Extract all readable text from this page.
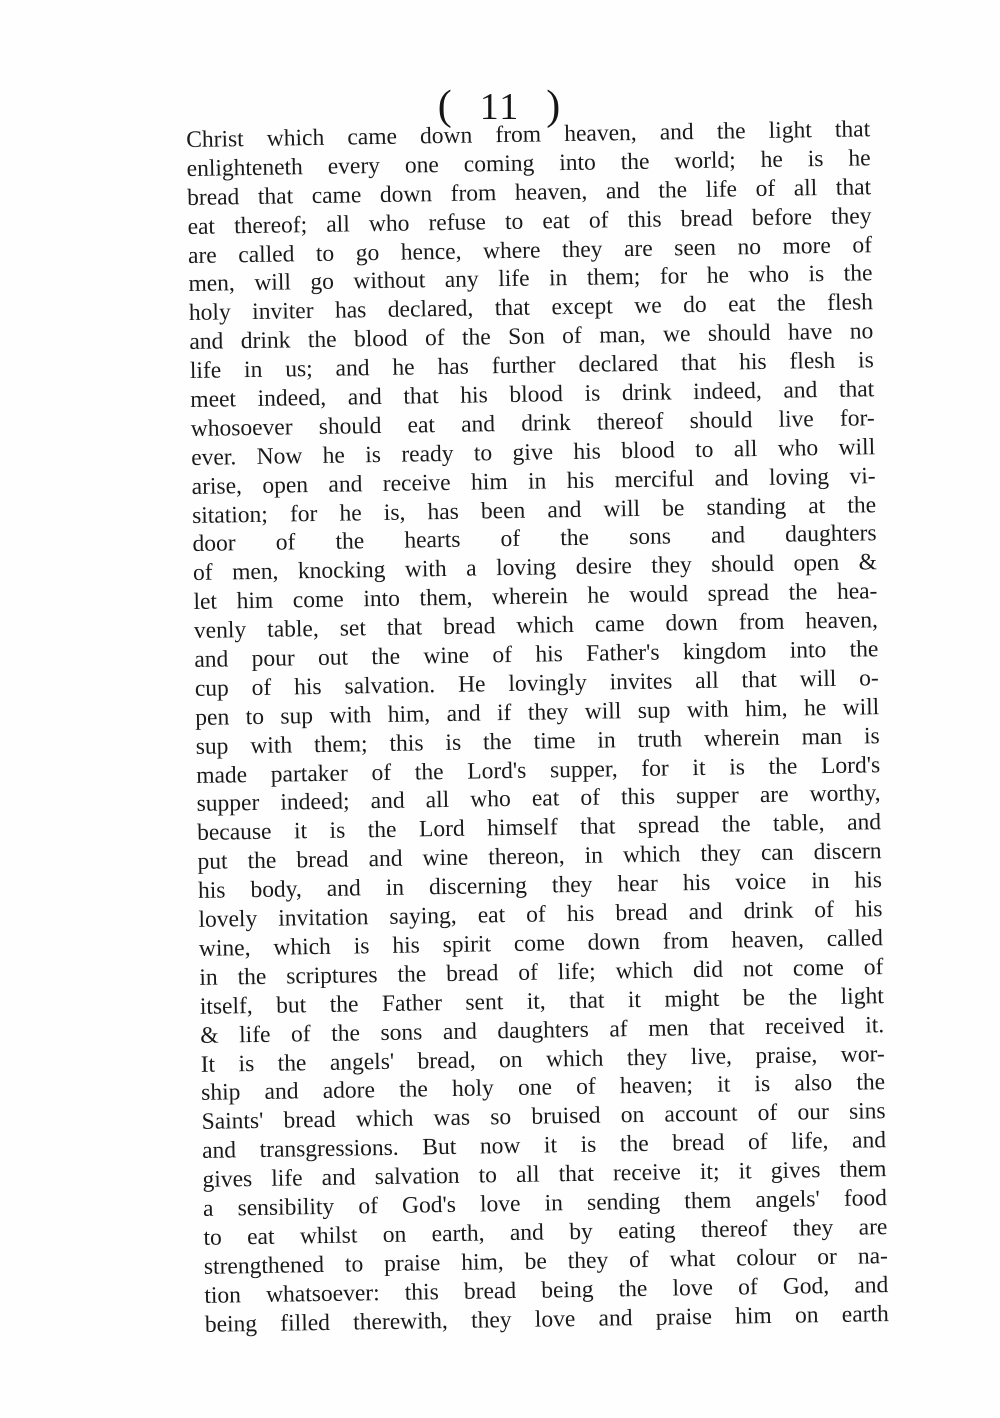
( 11 )
Christ which came down from heaven, and the light that
enlighteneth every one coming into the world; he is he
bread that came down from heaven, and the life of all that
eat thereof; all who refuse to eat of this bread before they
are called to go hence, where they are seen no more of
men, will go without any life in them; for he who is the
holy inviter has declared, that except we do eat the flesh
and drink the blood of the Son of man, we should have no
life in us; and he has further declared that his flesh is
meet indeed, and that his blood is drink indeed, and that
whosoever should eat and drink thereof should live for-
ever. Now he is ready to give his blood to all who will
arise, open and receive him in his merciful and loving vi-
sitation; for he is, has been and will be standing at the
door of the hearts of the sons and daughters
of men, knocking with a loving desire they should open &
let him come into them, wherein he would spread the hea-
venly table, set that bread which came down from heaven,
and pour out the wine of his Father's kingdom into the
cup of his salvation. He lovingly invites all that will o-
pen to sup with him, and if they will sup with him, he will
sup with them; this is the time in truth wherein man is
made partaker of the Lord's supper, for it is the Lord's
supper indeed; and all who eat of this supper are worthy,
because it is the Lord himself that spread the table, and
put the bread and wine thereon, in which they can discern
his body, and in discerning they hear his voice in his
lovely invitation saying, eat of his bread and drink of his
wine, which is his spirit come down from heaven, called
in the scriptures the bread of life; which did not come of
itself, but the Father sent it, that it might be the light
& life of the sons and daughters af men that received it.
It is the angels' bread, on which they live, praise, wor-
ship and adore the holy one of heaven; it is also the
Saints' bread which was so bruised on account of our sins
and transgressions. But now it is the bread of life, and
gives life and salvation to all that receive it; it gives them
a sensibility of God's love in sending them angels' food
to eat whilst on earth, and by eating thereof they are
strengthened to praise him, be they of what colour or na-
tion whatsoever: this bread being the love of God, and
being filled therewith, they love and praise him on earth
